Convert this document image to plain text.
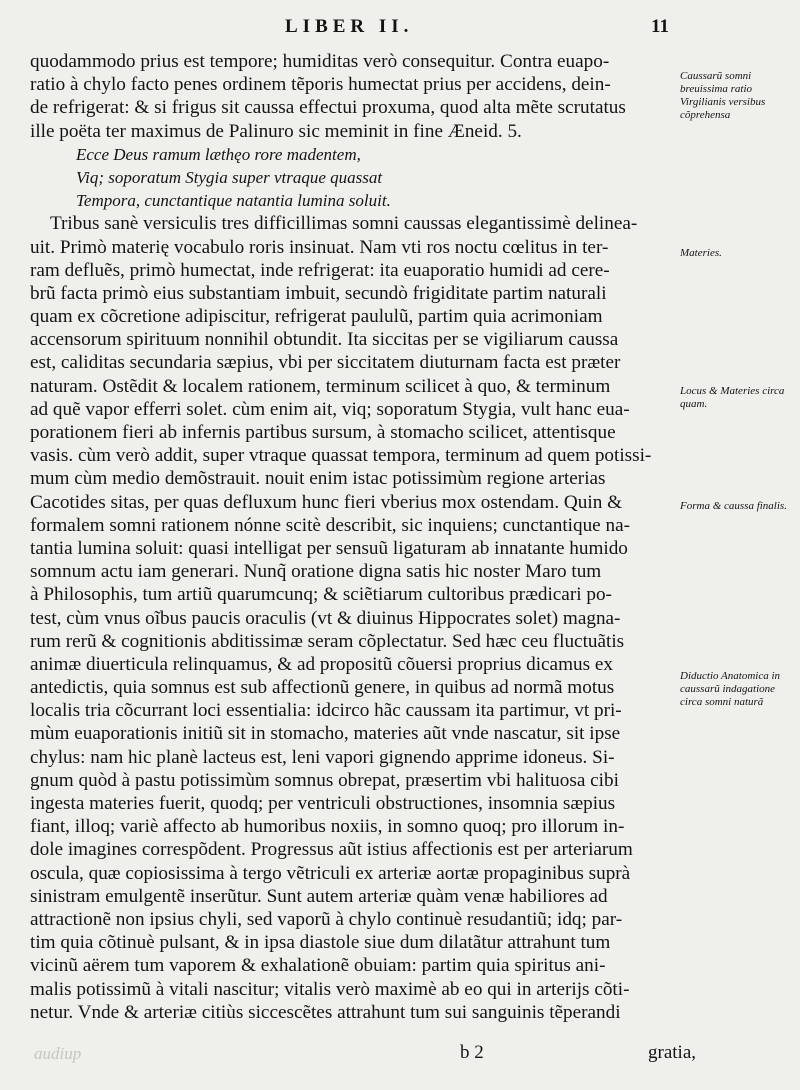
LIBER II.	11
quodammodo prius est tempore; humiditas verò consequitur. Contra euapo-
ratio à chylo facto penes ordinem tẽporis humectat prius per accidens, dein-
de refrigerat: & si frigus sit caussa effectui proxuma, quod alta mẽte scrutatus
ille poëta ter maximus de Palinuro sic meminit in fine Æneid. 5.
Ecce Deus ramum læthęo rore madentem,
Viq; soporatum Stygia super vtraque quassat
Tempora, cunctantique natantia lumina soluit.
Tribus sanè versiculis tres difficillimas somni caussas elegantissimè delinea-
uit. Primò materię vocabulo roris insinuat. Nam vti ros noctu cœlitus in ter-
ram defluẽs, primò humectat, inde refrigerat: ita euaporatio humidi ad cere-
brũ facta primò eius substantiam imbuit, secundò frigiditate partim naturali
quam ex cõcretione adipiscitur, refrigerat paululũ, partim quia acrimoniam
accensorum spirituum nonnihil obtundit. Ita siccitas per se vigiliarum caussa
est, caliditas secundaria sæpius, vbi per siccitatem diuturnam facta est præter
naturam. Ostẽdit & localem rationem, terminum scilicet à quo, & terminum
ad quẽ vapor efferri solet. cùm enim ait, viq; soporatum Stygia, vult hanc eua-
porationem fieri ab infernis partibus sursum, à stomacho scilicet, attentisque
vasis. cùm verò addit, super vtraque quassat tempora, terminum ad quem potissi-
mum cùm medio demõstrauit. nouit enim istac potissimùm regione arterias
Cacotides sitas, per quas defluxum hunc fieri vberius mox ostendam. Quin &
formalem somni rationem nónne scitè describit, sic inquiens; cunctantique na-
tantia lumina soluit: quasi intelligat per sensuũ ligaturam ab innatante humido
somnum actu iam generari. Nunq̃ oratione digna satis hic noster Maro tum
à Philosophis, tum artiũ quarumcunq; & sciẽtiarum cultoribus prædicari po-
test, cùm vnus oĩbus paucis oraculis (vt & diuinus Hippocrates solet) magna-
rum rerũ & cognitionis abditissimæ seram cõplectatur. Sed hæc ceu fluctuãtis
animæ diuerticula relinquamus, & ad propositũ cõuersi proprius dicamus ex
antedictis, quia somnus est sub affectionũ genere, in quibus ad normã motus
localis tria cõcurrant loci essentialia: idcirco hãc caussam ita partimur, vt pri-
mùm euaporationis initiũ sit in stomacho, materies aũt vnde nascatur, sit ipse
chylus: nam hic planè lacteus est, leni vapori gignendo apprime idoneus. Si-
gnum quòd à pastu potissimùm somnus obrepat, præsertim vbi halituosa cibi
ingesta materies fuerit, quodq; per ventriculi obstructiones, insomnia sæpius
fiant, illoq; variè affecto ab humoribus noxiis, in somno quoq; pro illorum in-
dole imagines correspõdent. Progressus aũt istius affectionis est per arteriarum
oscula, quæ copiosissima à tergo vẽtriculi ex arteriæ aortæ propaginibus suprà
sinistram emulgentẽ inserũtur. Sunt autem arteriæ quàm venæ habiliores ad
attractionẽ non ipsius chyli, sed vaporũ à chylo continuè resudantiũ; idq; par-
tim quia cõtinuè pulsant, & in ipsa diastole siue dum dilatãtur attrahunt tum
vicinũ aërem tum vaporem & exhalationẽ obuiam: partim quia spiritus ani-
malis potissimũ à vitali nascitur; vitalis verò maximè ab eo qui in arterijs cõti-
netur. Vnde & arteriæ citiùs siccescẽtes attrahunt tum sui sanguinis tẽperandi
Caussarũ somni breuissima ratio Virgilianis versibus cõprehensa
Materies.
Locus & Materies circa quam.
Forma & caussa finalis.
Diductio Anatomica in caussarũ indagatione circa somni naturã
audiup	b 2	gratia,
